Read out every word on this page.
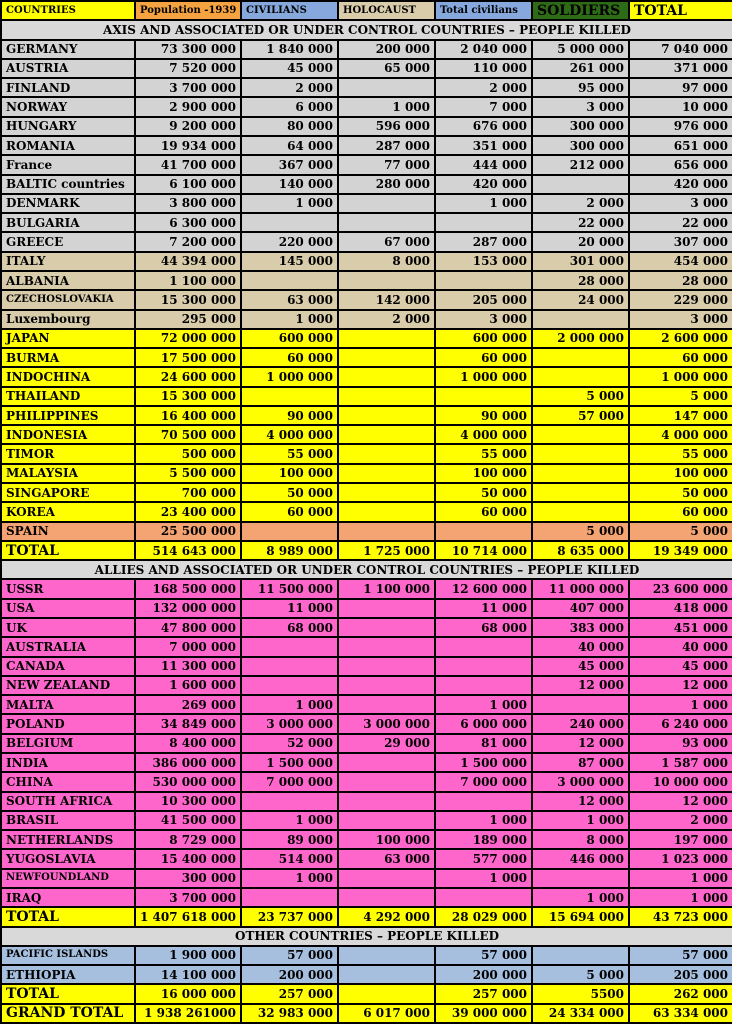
COUNTRIES	Population -1939	CIVILIANS	HOLOCAUST	Total civilians	SOLDIERS	TOTAL
AXIS AND ASSOCIATED OR UNDER CONTROL COUNTRIES – PEOPLE KILLED						
GERMANY	73 300 000	1 840 000	200 000	2 040 000	5 000 000	7 040 000
AUSTRIA	7 520 000	45 000	65 000	110 000	261 000	371 000
FINLAND	3 700 000	2 000		2 000	95 000	97 000
NORWAY	2 900 000	6 000	1 000	7 000	3 000	10 000
HUNGARY	9 200 000	80 000	596 000	676 000	300 000	976 000
ROMANIA	19 934 000	64 000	287 000	351 000	300 000	651 000
France	41 700 000	367 000	77 000	444 000	212 000	656 000
BALTIC countries	6 100 000	140 000	280 000	420 000		420 000
DENMARK	3 800 000	1 000		1 000	2 000	3 000
BULGARIA	6 300 000				22 000	22 000
GREECE	7 200 000	220 000	67 000	287 000	20 000	307 000
ITALY	44 394 000	145 000	8 000	153 000	301 000	454 000
ALBANIA	1 100 000				28 000	28 000
CZECHOSLOVAKIA	15 300 000	63 000	142 000	205 000	24 000	229 000
Luxembourg	295 000	1 000	2 000	3 000		3 000
JAPAN	72 000 000	600 000		600 000	2 000 000	2 600 000
BURMA	17 500 000	60 000		60 000		60 000
INDOCHINA	24 600 000	1 000 000		1 000 000		1 000 000
THAILAND	15 300 000				5 000	5 000
PHILIPPINES	16 400 000	90 000		90 000	57 000	147 000
INDONESIA	70 500 000	4 000 000		4 000 000		4 000 000
TIMOR	500 000	55 000		55 000		55 000
MALAYSIA	5 500 000	100 000		100 000		100 000
SINGAPORE	700 000	50 000		50 000		50 000
KOREA	23 400 000	60 000		60 000		60 000
SPAIN	25 500 000				5 000	5 000
TOTAL	514 643 000	8 989 000	1 725 000	10 714 000	8 635 000	19 349 000
ALLIES AND ASSOCIATED OR UNDER CONTROL COUNTRIES – PEOPLE KILLED						
USSR	168 500 000	11 500 000	1 100 000	12 600 000	11 000 000	23 600 000
USA	132 000 000	11 000		11 000	407 000	418 000
UK	47 800 000	68 000		68 000	383 000	451 000
AUSTRALIA	7 000 000				40 000	40 000
CANADA	11 300 000				45 000	45 000
NEW ZEALAND	1 600 000				12 000	12 000
MALTA	269 000	1 000		1 000		1 000
POLAND	34 849 000	3 000 000	3 000 000	6 000 000	240 000	6 240 000
BELGIUM	8 400 000	52 000	29 000	81 000	12 000	93 000
INDIA	386 000 000	1 500 000		1 500 000	87 000	1 587 000
CHINA	530 000 000	7 000 000		7 000 000	3 000 000	10 000 000
SOUTH AFRICA	10 300 000				12 000	12 000
BRASIL	41 500 000	1 000		1 000	1 000	2 000
NETHERLANDS	8 729 000	89 000	100 000	189 000	8 000	197 000
YUGOSLAVIA	15 400 000	514 000	63 000	577 000	446 000	1 023 000
NEWFOUNDLAND	300 000	1 000		1 000		1 000
IRAQ	3 700 000				1 000	1 000
TOTAL	1 407 618 000	23 737 000	4 292 000	28 029 000	15 694 000	43 723 000
OTHER COUNTRIES – PEOPLE KILLED						
PACIFIC ISLANDS	1 900 000	57 000		57 000		57 000
ETHIOPIA	14 100 000	200 000		200 000	5 000	205 000
TOTAL	16 000 000	257 000		257 000	5500	262 000
GRAND TOTAL	1 938 261000	32 983 000	6 017 000	39 000 000	24 334 000	63 334 000
